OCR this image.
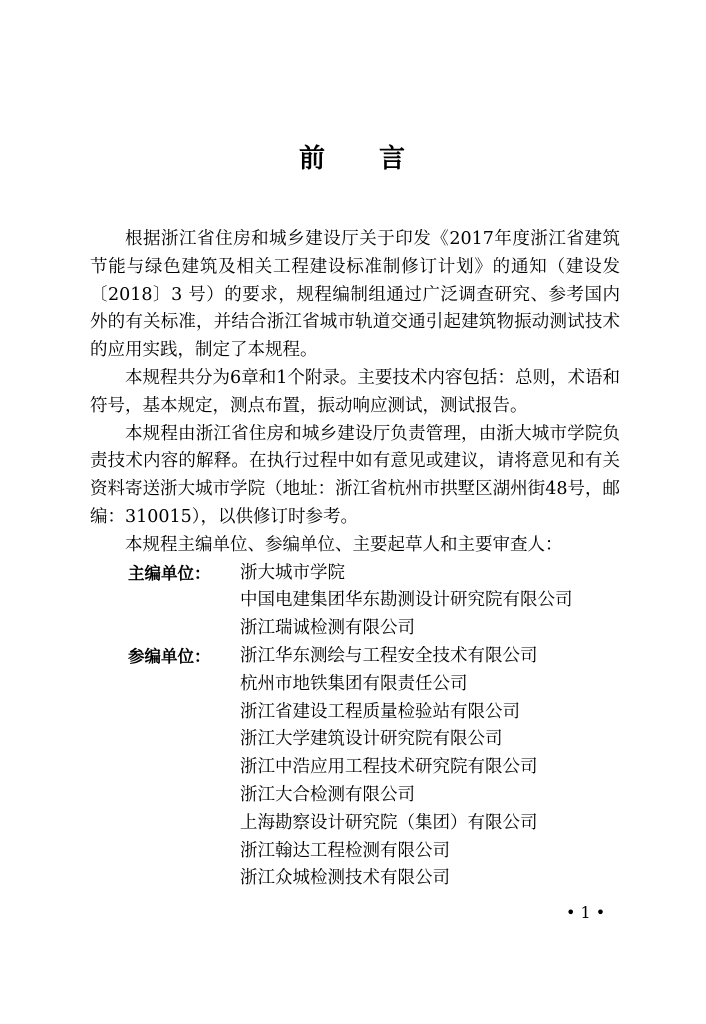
前 言

根据浙江省住房和城乡建设厅关于印发《2017年度浙江省建筑节能与绿色建筑及相关工程建设标准制修订计划》的通知（建设发〔2018〕3 号）的要求，规程编制组通过广泛调查研究、参考国内外的有关标准，并结合浙江省城市轨道交通引起建筑物振动测试技术的应用实践，制定了本规程。

本规程共分为6章和1个附录。主要技术内容包括：总则，术语和符号，基本规定，测点布置，振动响应测试，测试报告。

本规程由浙江省住房和城乡建设厅负责管理，由浙大城市学院负责技术内容的解释。在执行过程中如有意见或建议，请将意见和有关资料寄送浙大城市学院（地址：浙江省杭州市拱墅区湖州街48号，邮编：310015），以供修订时参考。

本规程主编单位、参编单位、主要起草人和主要审查人：

主编单位：	浙大城市学院
中国电建集团华东勘测设计研究院有限公司
浙江瑞诚检测有限公司
参编单位：	浙江华东测绘与工程安全技术有限公司
杭州市地铁集团有限责任公司
浙江省建设工程质量检验站有限公司
浙江大学建筑设计研究院有限公司
浙江中浩应用工程技术研究院有限公司
浙江大合检测有限公司
上海勘察设计研究院（集团）有限公司
浙江翰达工程检测有限公司
浙江众城检测技术有限公司
• 1 •
